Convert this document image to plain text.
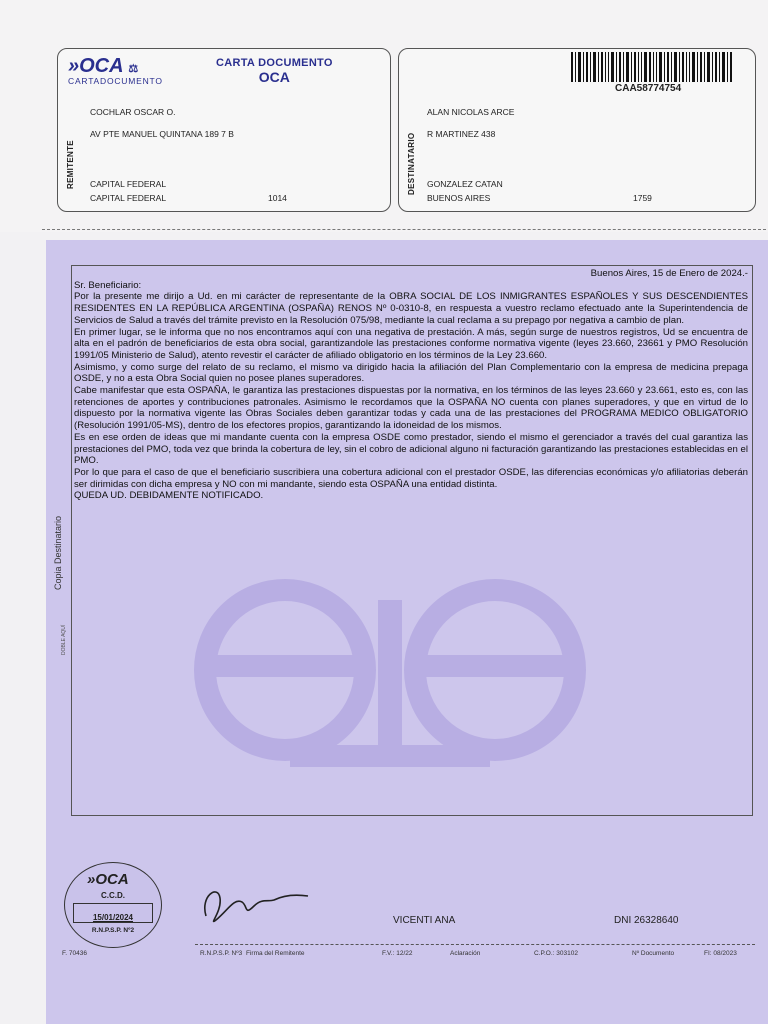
»OCA ⚖
CARTADOCUMENTO
CARTA DOCUMENTO
OCA
REMITENTE
COCHLAR OSCAR O.
AV PTE MANUEL QUINTANA 189 7 B
CAPITAL FEDERAL
CAPITAL FEDERAL	1014
CAA58774754
DESTINATARIO
ALAN NICOLAS ARCE
R MARTINEZ 438
GONZALEZ CATAN
BUENOS AIRES	1759

Buenos Aires, 15 de Enero de 2024.-

Sr. Beneficiario:

Por la presente me dirijo a Ud. en mi carácter de representante de la OBRA SOCIAL DE LOS INMIGRANTES ESPAÑOLES Y SUS DESCENDIENTES RESIDENTES EN LA REPÚBLICA ARGENTINA (OSPAÑA) RENOS Nº 0-0310-8, en respuesta a vuestro reclamo efectuado ante la Superintendencia de Servicios de Salud a través del trámite previsto en la Resolución 075/98, mediante la cual reclama a su prepago por negativa a cambio de plan.

En primer lugar, se le informa que no nos encontramos aquí con una negativa de prestación. A más, según surge de nuestros registros, Ud se encuentra de alta en el padrón de beneficiarios de esta obra social, garantizandole las prestaciones conforme normativa vigente (leyes 23.660, 23661 y PMO Resolución 1991/05 Ministerio de Salud), atento revestir el carácter de afiliado obligatorio en los términos de la Ley 23.660.

Asimismo, y como surge del relato de su reclamo, el mismo va dirigido hacia la afiliación del Plan Complementario con la empresa de medicina prepaga OSDE, y no a esta Obra Social quien no posee planes superadores.

Cabe manifestar que esta OSPAÑA, le garantiza las prestaciones dispuestas por la normativa, en los términos de las leyes 23.660 y 23.661, esto es, con las retenciones de aportes y contribuciones patronales. Asimismo le recordamos que la OSPAÑA NO cuenta con planes superadores, y que en virtud de lo dispuesto por la normativa vigente las Obras Sociales deben garantizar todas y cada una de las prestaciones del PROGRAMA MEDICO OBLIGATORIO (Resolución 1991/05-MS), dentro de los efectores propios, garantizando la idoneidad de los mismos.

Es en ese orden de ideas que mi mandante cuenta con la empresa OSDE como prestador, siendo el mismo el gerenciador a través del cual garantiza las prestaciones del PMO, toda vez que brinda la cobertura de ley, sin el cobro de adicional alguno ni facturación garantizando las prestaciones establecidas en el PMO.

Por lo que para el caso de que el beneficiario suscribiera una cobertura adicional con el prestador OSDE, las diferencias económicas y/o afiliatorias deberán ser dirimidas con dicha empresa y NO con mi mandante, siendo esta OSPAÑA una entidad distinta.

QUEDA UD. DEBIDAMENTE NOTIFICADO.

Copia Destinatario
DOBLE AQUÍ
»OCA
C.C.D.
15/01/2024
R.N.P.S.P. Nº2
VICENTI ANA	DNI 26328640
F. 70436	R.N.P.S.P. Nº3 Firma del Remitente	F.V.: 12/22	Aclaración	C.P.O.: 303102	Nº Documento	FI: 08/2023
